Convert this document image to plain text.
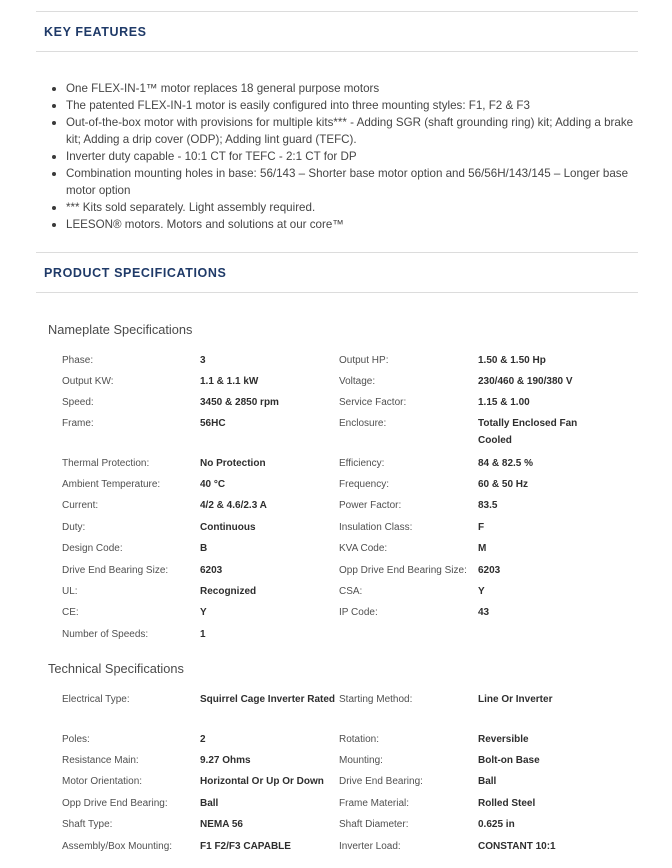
KEY FEATURES
One FLEX-IN-1™ motor replaces 18 general purpose motors
The patented FLEX-IN-1 motor is easily configured into three mounting styles: F1, F2 & F3
Out-of-the-box motor with provisions for multiple kits*** - Adding SGR (shaft grounding ring) kit; Adding a brake kit; Adding a drip cover (ODP); Adding lint guard (TEFC).
Inverter duty capable - 10:1 CT for TEFC - 2:1 CT for DP
Combination mounting holes in base: 56/143 – Shorter base motor option and 56/56H/143/145 – Longer base motor option
*** Kits sold separately. Light assembly required.
LEESON® motors. Motors and solutions at our core™
PRODUCT SPECIFICATIONS
Nameplate Specifications
Phase:	3	Output HP:	1.50 & 1.50 Hp
Output KW:	1.1 & 1.1 kW	Voltage:	230/460 & 190/380 V
Speed:	3450 & 2850 rpm	Service Factor:	1.15 & 1.00
Frame:	56HC	Enclosure:	Totally Enclosed Fan Cooled
Thermal Protection:	No Protection	Efficiency:	84 & 82.5 %
Ambient Temperature:	40 °C	Frequency:	60 & 50 Hz
Current:	4/2 & 4.6/2.3 A	Power Factor:	83.5
Duty:	Continuous	Insulation Class:	F
Design Code:	B	KVA Code:	M
Drive End Bearing Size:	6203	Opp Drive End Bearing Size:	6203
UL:	Recognized	CSA:	Y
CE:	Y	IP Code:	43
Number of Speeds:	1
Technical Specifications
Electrical Type:	Squirrel Cage Inverter Rated Starting Method:	Line Or Inverter
Poles:	2	Rotation:	Reversible
Resistance Main:	9.27 Ohms	Mounting:	Bolt-on Base
Motor Orientation:	Horizontal Or Up Or Down	Drive End Bearing:	Ball
Opp Drive End Bearing:	Ball	Frame Material:	Rolled Steel
Shaft Type:	NEMA 56	Shaft Diameter:	0.625 in
Assembly/Box Mounting:	F1 F2/F3 CAPABLE	Inverter Load:	CONSTANT 10:1
